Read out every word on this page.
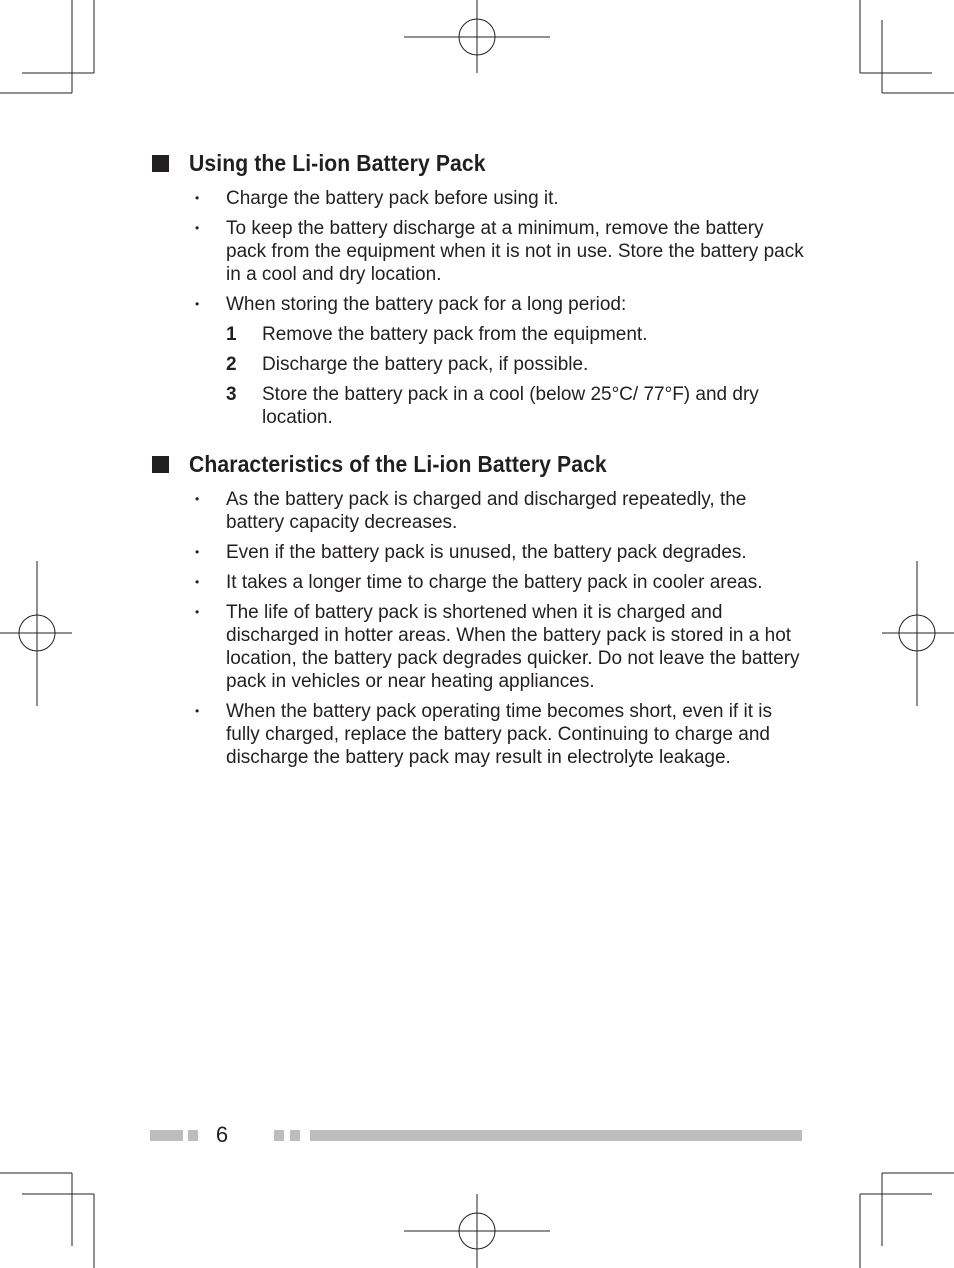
Using the Li-ion Battery Pack
• Charge the battery pack before using it.
• To keep the battery discharge at a minimum, remove the battery pack from the equipment when it is not in use. Store the battery pack in a cool and dry location.
• When storing the battery pack for a long period:
1 Remove the battery pack from the equipment.
2 Discharge the battery pack, if possible.
3 Store the battery pack in a cool (below 25°C/ 77°F) and dry location.
Characteristics of the Li-ion Battery Pack
• As the battery pack is charged and discharged repeatedly, the battery capacity decreases.
• Even if the battery pack is unused, the battery pack degrades.
• It takes a longer time to charge the battery pack in cooler areas.
• The life of battery pack is shortened when it is charged and discharged in hotter areas. When the battery pack is stored in a hot location, the battery pack degrades quicker. Do not leave the battery pack in vehicles or near heating appliances.
• When the battery pack operating time becomes short, even if it is fully charged, replace the battery pack. Continuing to charge and discharge the battery pack may result in electrolyte leakage.
6
